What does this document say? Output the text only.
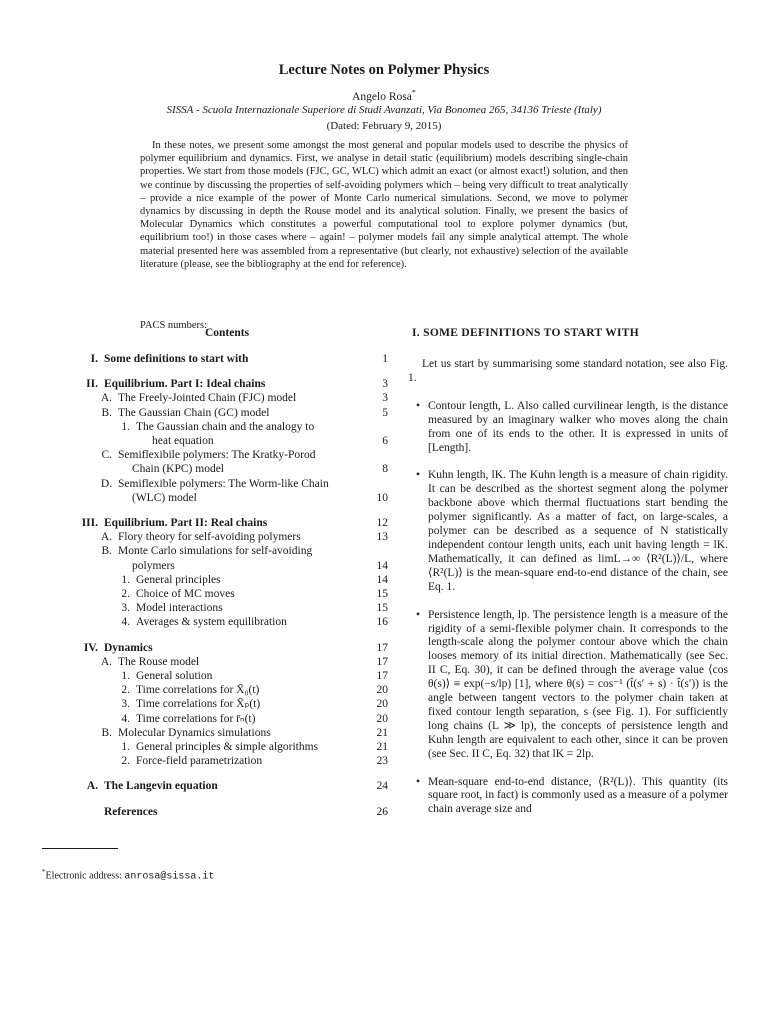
Lecture Notes on Polymer Physics
Angelo Rosa*
SISSA - Scuola Internazionale Superiore di Studi Avanzati, Via Bonomea 265, 34136 Trieste (Italy)
(Dated: February 9, 2015)
In these notes, we present some amongst the most general and popular models used to describe the physics of polymer equilibrium and dynamics. First, we analyse in detail static (equilibrium) models describing single-chain properties. We start from those models (FJC, GC, WLC) which admit an exact (or almost exact!) solution, and then we continue by discussing the properties of self-avoiding polymers which – being very difficult to treat analytically – provide a nice example of the power of Monte Carlo numerical simulations. Second, we move to polymer dynamics by discussing in depth the Rouse model and its analytical solution. Finally, we present the basics of Molecular Dynamics which constitutes a powerful computational tool to explore polymer dynamics (but, equilibrium too!) in those cases where – again! – polymer models fail any simple analytical attempt. The whole material presented here was assembled from a representative (but clearly, not exhaustive) selection of the available literature (please, see the bibliography at the end for reference).
PACS numbers:
Contents
I. Some definitions to start with	1
II. Equilibrium. Part I: Ideal chains	3
A. The Freely-Jointed Chain (FJC) model	3
B. The Gaussian Chain (GC) model	5
1. The Gaussian chain and the analogy to
heat equation	6
C. Semiflexibile polymers: The Kratky-Porod
Chain (KPC) model	8
D. Semiflexible polymers: The Worm-like Chain
(WLC) model	10
III. Equilibrium. Part II: Real chains	12
A. Flory theory for self-avoiding polymers	13
B. Monte Carlo simulations for self-avoiding
polymers	14
1. General principles	14
2. Choice of MC moves	15
3. Model interactions	15
4. Averages & system equilibration	16
IV. Dynamics	17
A. The Rouse model	17
1. General solution	17
2. Time correlations for X̄₀(t)	20
3. Time correlations for X̄ₚ(t)	20
4. Time correlations for r̄ₙ(t)	20
B. Molecular Dynamics simulations	21
1. General principles & simple algorithms	21
2. Force-field parametrization	23
A. The Langevin equation	24
References	26
I. SOME DEFINITIONS TO START WITH

Let us start by summarising some standard notation, see also Fig. 1.

• Contour length, L. Also called curvilinear length, is the distance measured by an imaginary walker who moves along the chain from one of its ends to the other. It is expressed in units of [Length].
• Kuhn length, lK. The Kuhn length is a measure of chain rigidity. It can be described as the shortest segment along the polymer backbone above which thermal fluctuations start bending the polymer significantly. As a matter of fact, on large-scales, a polymer can be described as a sequence of N statistically independent contour length units, each unit having length = lK. Mathematically, it can defined as limL→∞ ⟨R²(L)⟩/L, where ⟨R²(L)⟩ is the mean-square end-to-end distance of the chain, see Eq. 1.
• Persistence length, lp. The persistence length is a measure of the rigidity of a semi-flexible polymer chain. It corresponds to the length-scale along the polymer contour above which the chain looses memory of its initial direction. Mathematically (see Sec. II C, Eq. 30), it can be defined through the average value ⟨cos θ(s)⟩ ≡ exp(−s/lp) [1], where θ(s) = cos⁻¹ (t̂(s′ + s) · t̂(s′)) is the angle between tangent vectors to the polymer chain taken at fixed contour length separation, s (see Fig. 1). For sufficiently long chains (L ≫ lp), the concepts of persistence length and Kuhn length are equivalent to each other, since it can be proven (see Sec. II C, Eq. 32) that lK = 2lp.
• Mean-square end-to-end distance, ⟨R²(L)⟩. This quantity (its square root, in fact) is commonly used as a measure of a polymer chain average size and
*Electronic address: anrosa@sissa.it
